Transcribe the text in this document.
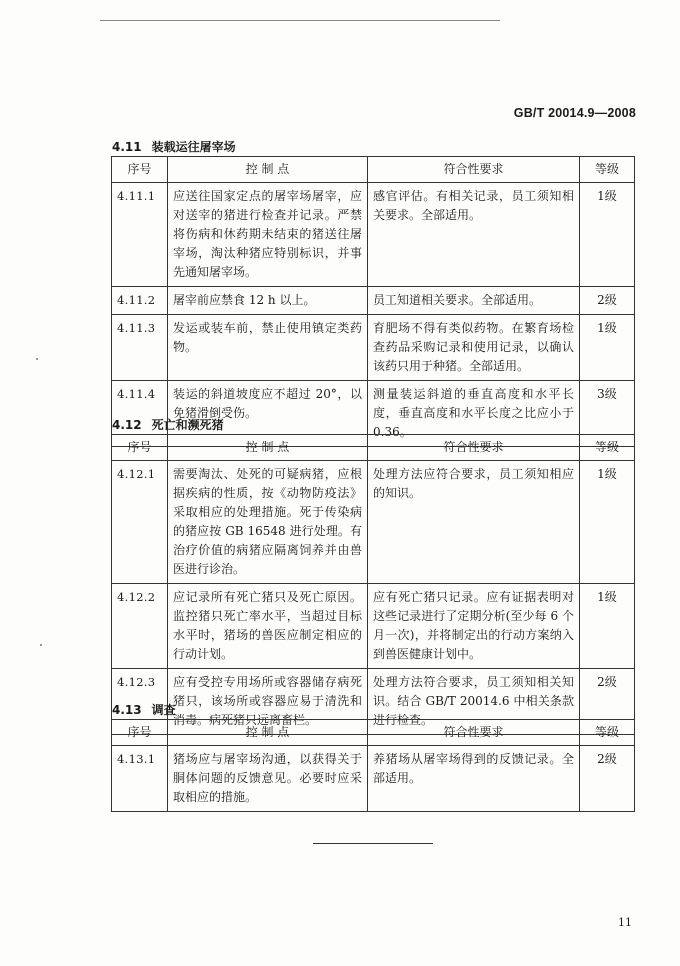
GB/T 20014.9—2008
4.11 装载运往屠宰场
序号	控 制 点	符合性要求	等级
4.11.1	应送往国家定点的屠宰场屠宰，应对送宰的猪进行检查并记录。严禁将伤病和休药期未结束的猪送往屠宰场，淘汰种猪应特别标识，并事先通知屠宰场。	感官评估。有相关记录，员工须知相关要求。全部适用。	1级
4.11.2	屠宰前应禁食 12 h 以上。	员工知道相关要求。全部适用。	2级
4.11.3	发运或装车前，禁止使用镇定类药物。	育肥场不得有类似药物。在繁育场检查药品采购记录和使用记录，以确认该药只用于种猪。全部适用。	1级
4.11.4	装运的斜道坡度应不超过 20°，以免猪滑倒受伤。	测量装运斜道的垂直高度和水平长度，垂直高度和水平长度之比应小于 0.36。	3级
4.12 死亡和濒死猪
序号	控 制 点	符合性要求	等级
4.12.1	需要淘汰、处死的可疑病猪，应根据疾病的性质，按《动物防疫法》采取相应的处理措施。死于传染病的猪应按 GB 16548 进行处理。有治疗价值的病猪应隔离饲养并由兽医进行诊治。	处理方法应符合要求，员工须知相应的知识。	1级
4.12.2	应记录所有死亡猪只及死亡原因。监控猪只死亡率水平，当超过目标水平时，猪场的兽医应制定相应的行动计划。	应有死亡猪只记录。应有证据表明对这些记录进行了定期分析(至少每 6 个月一次)，并将制定出的行动方案纳入到兽医健康计划中。	1级
4.12.3	应有受控专用场所或容器储存病死猪只，该场所或容器应易于清洗和消毒。病死猪只远离畜栏。	处理方法符合要求，员工须知相关知识。结合 GB/T 20014.6 中相关条款进行检查。	2级
4.13 调查
序号	控 制 点	符合性要求	等级
4.13.1	猪场应与屠宰场沟通，以获得关于胴体问题的反馈意见。必要时应采取相应的措施。	养猪场从屠宰场得到的反馈记录。全部适用。	2级
11
